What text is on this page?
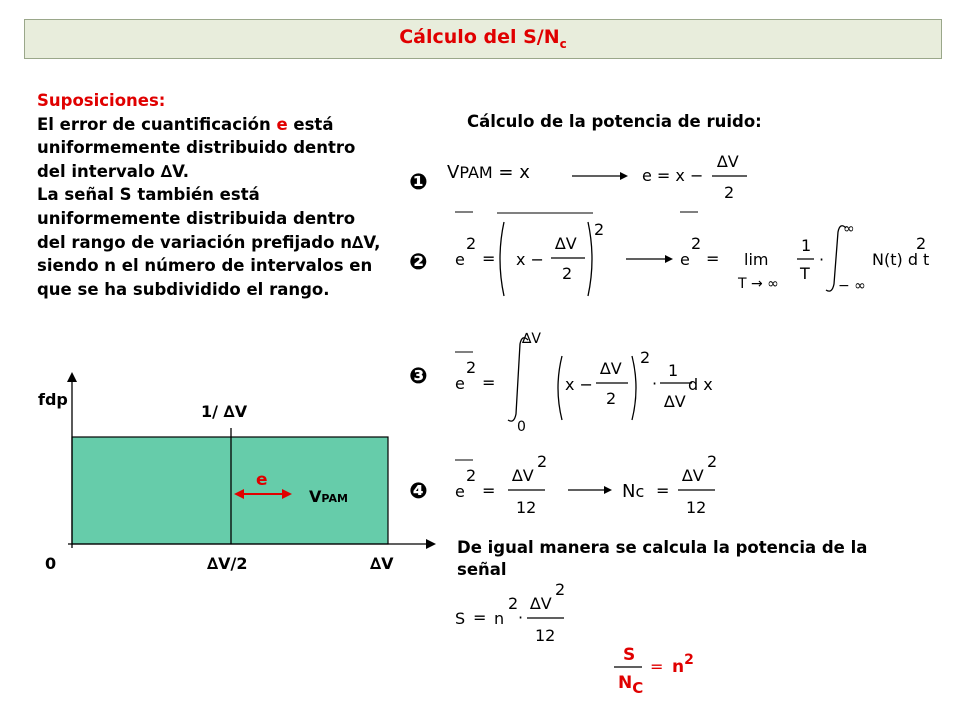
Cálculo del $S/N_c$
Suposiciones:
El error de cuantificación e está uniformemente distribuido dentro del intervalo ∆V.
La señal S también está uniformemente distribuida dentro del rango de variación prefijado n∆V, siendo n el número de intervalos en que se ha subdividido el rango.
Cálculo de la potencia de ruido:
❶
❷
❸
❹
VPAM = x	e = x −
∆V
2
e
2
= x −
∆V
2
2
e
2
= lim
T → ∞
1
T
·
∞
− ∞
N(t) d t
2
e
2
=
∆V
0
x −
∆V
2
2
·
1
∆V
d x
e
2
=
∆V
2
12
Nc =
∆V
2
12
De igual manera se calcula la potencia de la señal
S = n
2
·
∆V
2
12
S
NC
= $n^2$
fdp
1/ ∆V
0	∆V/2	∆V
e
VPAM
